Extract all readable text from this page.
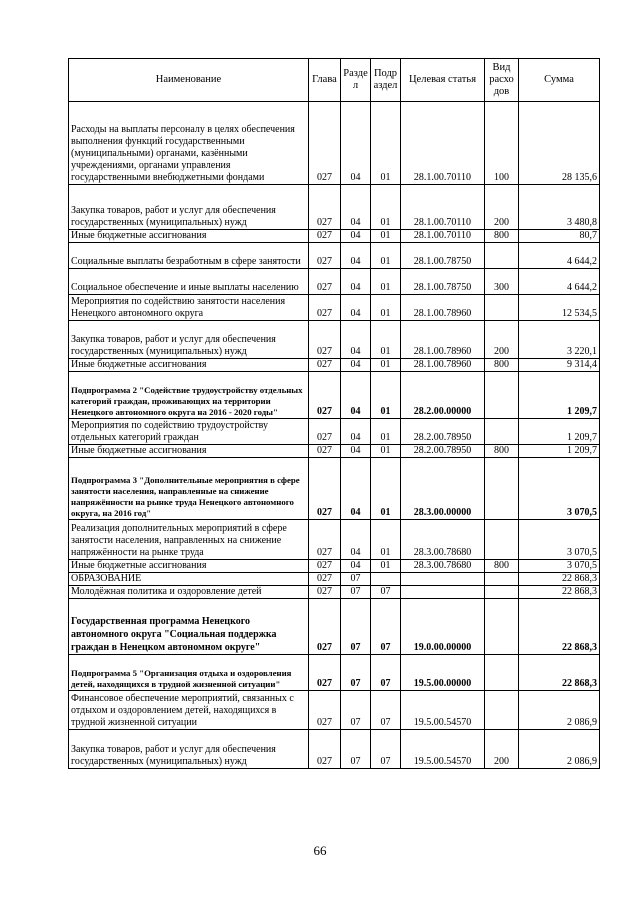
Наименование	Глава	Разде л	Подр аздел	Целевая статья	Вид расхо дов	Сумма
Расходы на выплаты персоналу в целях обеспечения выполнения функций государственными (муниципальными) органами, казёнными учреждениями, органами управления государственными внебюджетными фондами	027	04	01	28.1.00.70110	100	28 135,6
Закупка товаров, работ и услуг для обеспечения государственных (муниципальных) нужд	027	04	01	28.1.00.70110	200	3 480,8
Иные бюджетные ассигнования	027	04	01	28.1.00.70110	800	80,7
Социальные выплаты безработным в сфере занятости	027	04	01	28.1.00.78750		4 644,2
Социальное обеспечение и иные выплаты населению	027	04	01	28.1.00.78750	300	4 644,2
Мероприятия по содействию занятости населения Ненецкого автономного округа	027	04	01	28.1.00.78960		12 534,5
Закупка товаров, работ и услуг для обеспечения государственных (муниципальных) нужд	027	04	01	28.1.00.78960	200	3 220,1
Иные бюджетные ассигнования	027	04	01	28.1.00.78960	800	9 314,4
Подпрограмма 2 "Содействие трудоустройству отдельных категорий граждан, проживающих на территории Ненецкого автономного округа на 2016 - 2020 годы"	027	04	01	28.2.00.00000		1 209,7
Мероприятия по содействию трудоустройству отдельных категорий граждан	027	04	01	28.2.00.78950		1 209,7
Иные бюджетные ассигнования	027	04	01	28.2.00.78950	800	1 209,7
Подпрограмма 3 "Дополнительные мероприятия в сфере занятости населения, направленные на снижение напряжённости на рынке труда Ненецкого автономного округа, на 2016 год"	027	04	01	28.3.00.00000		3 070,5
Реализация дополнительных мероприятий в сфере занятости населения, направленных на снижение напряжённости на рынке труда	027	04	01	28.3.00.78680		3 070,5
Иные бюджетные ассигнования	027	04	01	28.3.00.78680	800	3 070,5
ОБРАЗОВАНИЕ	027	07				22 868,3
Молодёжная политика и оздоровление детей	027	07	07			22 868,3
Государственная программа Ненецкого автономного округа "Социальная поддержка граждан в Ненецком автономном округе"	027	07	07	19.0.00.00000		22 868,3
Подпрограмма 5 "Организация отдыха и оздоровления детей, находящихся в трудной жизненной ситуации"	027	07	07	19.5.00.00000		22 868,3
Финансовое обеспечение мероприятий, связанных с отдыхом и оздоровлением детей, находящихся в трудной жизненной ситуации	027	07	07	19.5.00.54570		2 086,9
Закупка товаров, работ и услуг для обеспечения государственных (муниципальных) нужд	027	07	07	19.5.00.54570	200	2 086,9
66
